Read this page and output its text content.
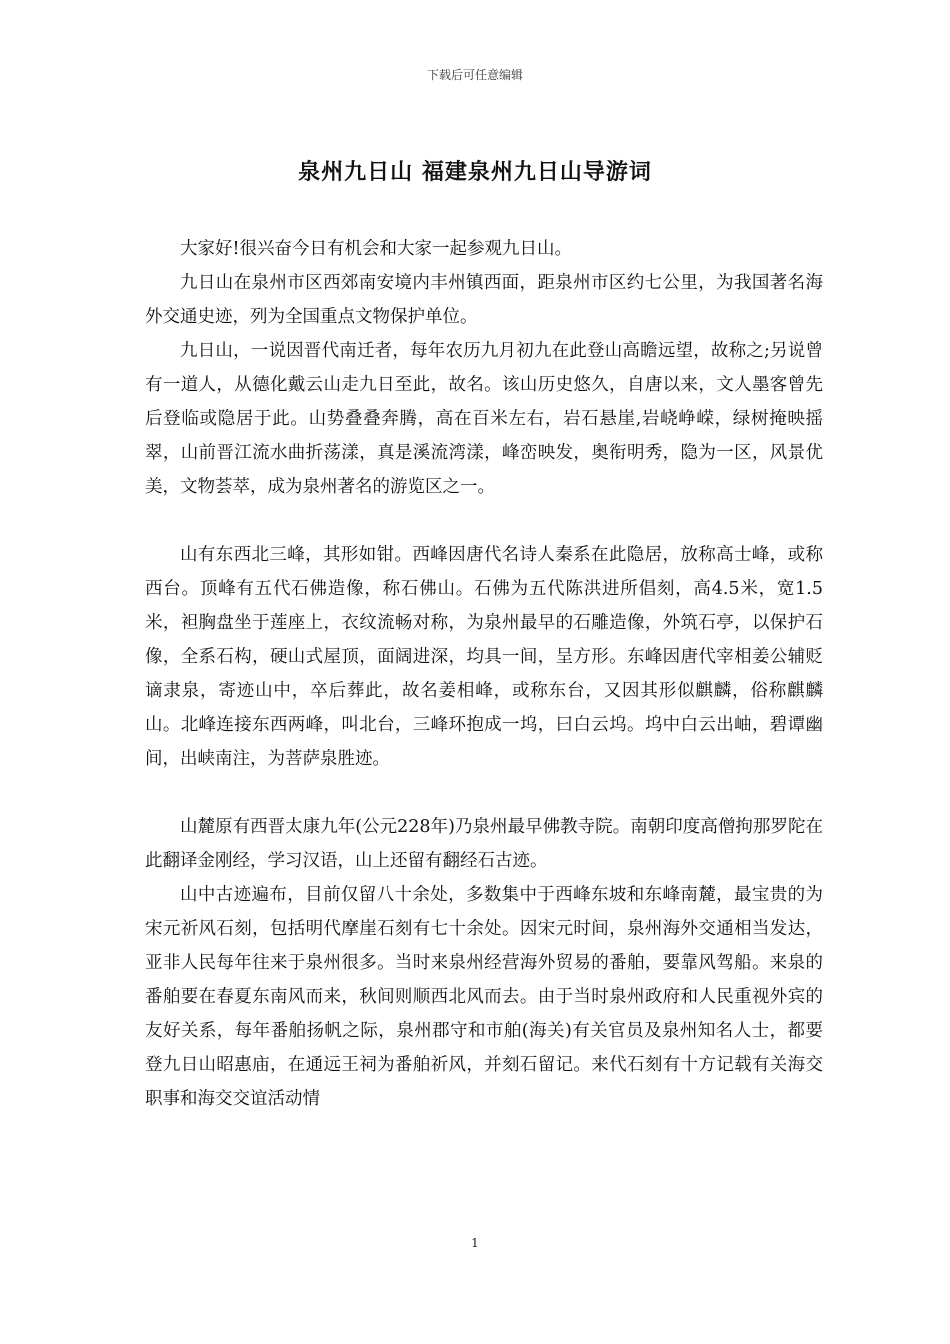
下载后可任意编辑
泉州九日山 福建泉州九日山导游词

大家好!很兴奋今日有机会和大家一起参观九日山。

九日山在泉州市区西郊南安境内丰州镇西面，距泉州市区约七公里，为我国著名海外交通史迹，列为全国重点文物保护单位。

九日山，一说因晋代南迁者，每年农历九月初九在此登山高瞻远望，故称之;另说曾有一道人，从德化戴云山走九日至此，故名。该山历史悠久，自唐以来，文人墨客曾先后登临或隐居于此。山势叠叠奔腾，高在百米左右，岩石悬崖,岩峣峥嵘，绿树掩映摇翠，山前晋江流水曲折荡漾，真是溪流湾漾，峰峦映发，奥衔明秀，隐为一区，风景优美，文物荟萃，成为泉州著名的游览区之一。

山有东西北三峰，其形如钳。西峰因唐代名诗人秦系在此隐居，放称高士峰，或称西台。顶峰有五代石佛造像，称石佛山。石佛为五代陈洪进所倡刻，高4.5米，宽1.5米，袒胸盘坐于莲座上，衣纹流畅对称，为泉州最早的石雕造像，外筑石亭，以保护石像，全系石构，硬山式屋顶，面阔进深，均具一间，呈方形。东峰因唐代宰相姜公辅贬谪隶泉，寄迹山中，卒后葬此，故名姜相峰，或称东台，又因其形似麒麟，俗称麒麟山。北峰连接东西两峰，叫北台，三峰环抱成一坞，曰白云坞。坞中白云出岫，碧谭幽间，出峡南注，为菩萨泉胜迹。

山麓原有西晋太康九年(公元228年)乃泉州最早佛教寺院。南朝印度高僧拘那罗陀在此翻译金刚经，学习汉语，山上还留有翻经石古迹。

山中古迹遍布，目前仅留八十余处，多数集中于西峰东坡和东峰南麓，最宝贵的为宋元祈风石刻，包括明代摩崖石刻有七十余处。因宋元时间，泉州海外交通相当发达，亚非人民每年往来于泉州很多。当时来泉州经营海外贸易的番舶，要靠风驾船。来泉的番舶要在春夏东南风而来，秋间则顺西北风而去。由于当时泉州政府和人民重视外宾的友好关系，每年番舶扬帆之际，泉州郡守和市舶(海关)有关官员及泉州知名人士，都要登九日山昭惠庙，在通远王祠为番舶祈风，并刻石留记。来代石刻有十方记载有关海交职事和海交交谊活动情

1
